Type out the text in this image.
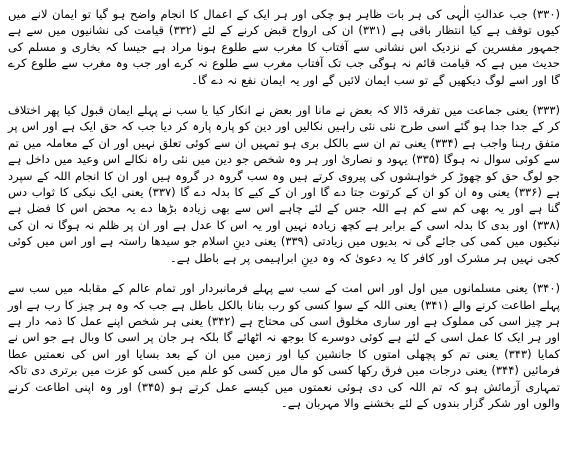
(۳۳۰) جب عدالتِ الٰہی کی ہر بات ظاہر ہو چکی اور ہر ایک کے اعمال کا انجام واضح ہو گیا تو ایمان لانے میں کیوں توقف ہے کیا انتظار باقی ہے (۳۳۱) ان کی ارواح قبض کرنے کے لئے (۳۳۲) قیامت کی نشانیوں میں سے ہے جمہور مفسرین کے نزدیک اس نشانی سے آفتاب کا مغرب سے طلوع ہونا مراد ہے جیسا کہ بخاری و مسلم کی حدیث میں ہے کہ قیامت قائم نہ ہوگی جب تک آفتاب مغرب سے طلوع نہ کرے اور جب وہ مغرب سے طلوع کرے گا اور اسے لوگ دیکھیں گے تو سب ایمان لائیں گے اور یہ ایمان نفع نہ دے گا۔

(۳۳۳) یعنی جماعت میں تفرقہ ڈالا کہ بعض نے مانا اور بعض نے انکار کیا یا سب نے پہلے ایمان قبول کیا پھر اختلاف کر کے جدا جدا ہو گئے اسی طرح نئی نئی راہیں نکالیں اور دین کو پارہ پارہ کر دیا جب کہ حق ایک ہے اور اس پر متفق رہنا واجب ہے (۳۳۴) یعنی تم ان سے بالکل بری ہو تمہیں ان سے کوئی تعلق نہیں اور ان کے معاملہ میں تم سے کوئی سوال نہ ہوگا (۳۳۵) یہود و نصاریٰ اور ہر وہ شخص جو دین میں نئی راہ نکالے اس وعید میں داخل ہے جو لوگ حق کو چھوڑ کر خواہشوں کی پیروی کرتے ہیں وہ سب گروہ در گروہ ہیں اور ان کا انجام اللہ کے سپرد ہے (۳۳۶) یعنی وہ ان کو ان کے کرتوت جتا دے گا اور ان کے کیے کا بدلہ دے گا (۳۳۷) یعنی ایک نیکی کا ثواب دس گنا ہے اور یہ بھی کم سے کم ہے اللہ جس کے لئے چاہے اس سے بھی زیادہ بڑھا دے یہ محض اس کا فضل ہے (۳۳۸) اور بدی کا بدلہ اسی کے برابر ہے کچھ زیادہ نہیں اور یہ اس کا عدل ہے اور ان پر ظلم نہ ہوگا نہ ان کی نیکیوں میں کمی کی جائے گی نہ بدیوں میں زیادتی (۳۳۹) یعنی دینِ اسلام جو سیدھا راستہ ہے اور اس میں کوئی کجی نہیں ہر مشرک اور کافر کا یہ دعویٰ کہ وہ دینِ ابراہیمی پر ہے باطل ہے۔

(۳۴۰) یعنی مسلمانوں میں اول اور اس امت کے سب سے پہلے فرمانبردار اور تمام عالم کے مقابلہ میں سب سے پہلے اطاعت کرنے والے (۳۴۱) یعنی اللہ کے سوا کسی کو رب بنانا بالکل باطل ہے جب کہ وہ ہر چیز کا رب ہے اور ہر چیز اسی کی مملوک ہے اور ساری مخلوق اسی کی محتاج ہے (۳۴۲) یعنی ہر شخص اپنے عمل کا ذمہ دار ہے اور ہر ایک کا عمل اسی کے لئے ہے کوئی دوسرے کا بوجھ نہ اٹھائے گا بلکہ ہر جان پر اسی کا وبال ہے جو اس نے کمایا (۳۴۳) یعنی تم کو پچھلی امتوں کا جانشین کیا اور زمین میں ان کے بعد بسایا اور اس کی نعمتیں عطا فرمائیں (۳۴۴) یعنی درجات میں فرق رکھا کسی کو مال میں کسی کو علم میں کسی کو عزت میں برتری دی تاکہ تمہاری آزمائش ہو کہ تم اللہ کی دی ہوئی نعمتوں میں کیسے عمل کرتے ہو (۳۴۵) اور وہ اپنی اطاعت کرنے والوں اور شکر گزار بندوں کے لئے بخشنے والا مہربان ہے۔
